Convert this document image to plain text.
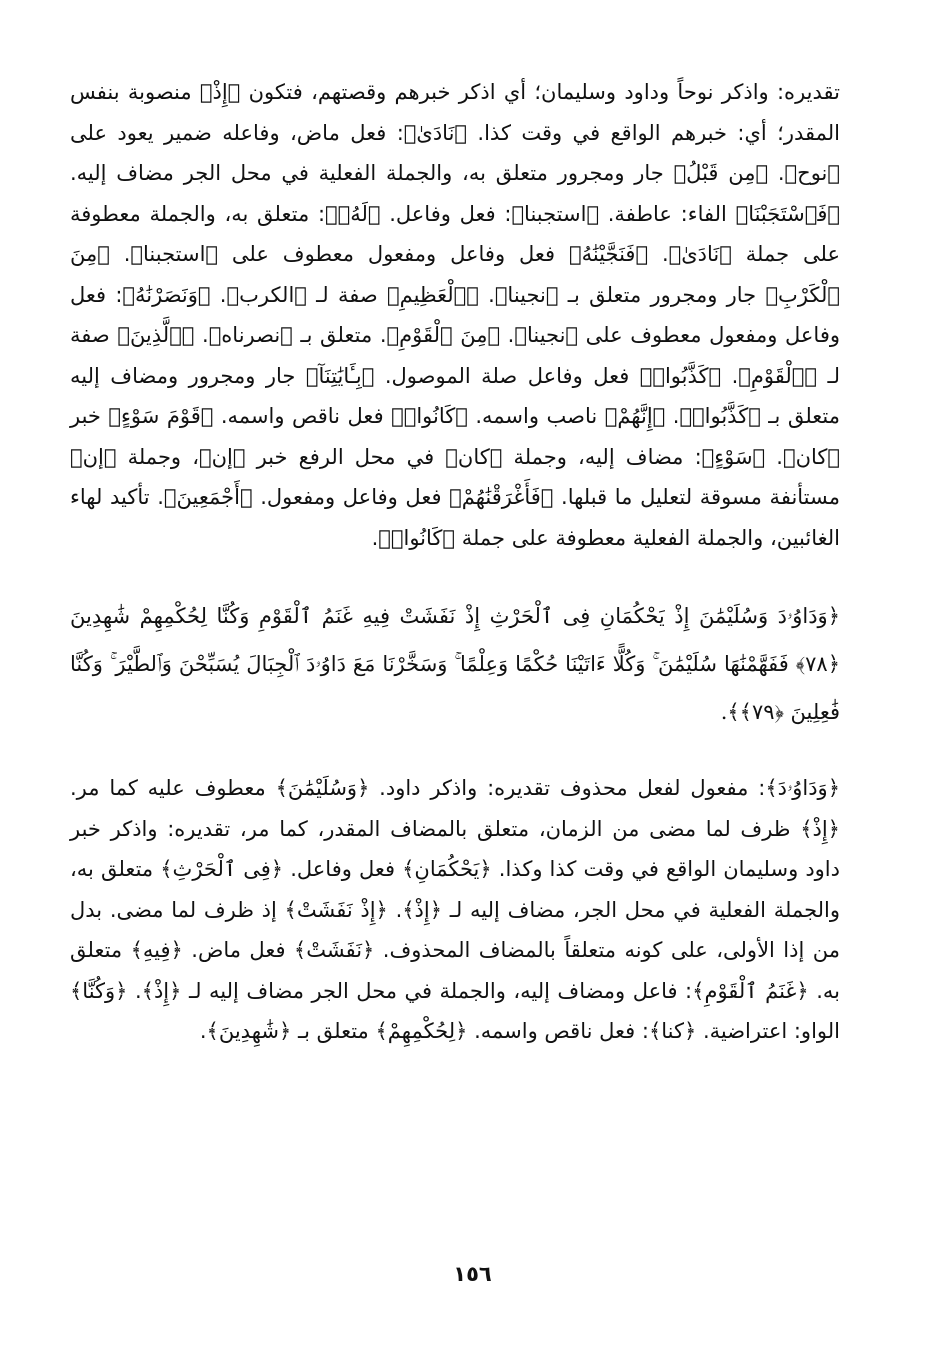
تقديره: واذكر نوحاً وداود وسليمان؛ أي اذكر خبرهم وقصتهم، فتكون ﴿إِذْ﴾ منصوبة بنفس المقدر؛ أي: خبرهم الواقع في وقت كذا. ﴿نَادَىٰ﴾: فعل ماض، وفاعله ضمير يعود على ﴿نوح﴾. ﴿مِن قَبْلُ﴾ جار ومجرور متعلق به، والجملة الفعلية في محل الجر مضاف إليه. ﴿فَٱسْتَجَبْنَا﴾ الفاء: عاطفة. ﴿استجبنا﴾: فعل وفاعل. ﴿لَهُۥ﴾: متعلق به، والجملة معطوفة على جملة ﴿نَادَىٰ﴾. ﴿فَنَجَّيْنَٰهُ﴾ فعل وفاعل ومفعول معطوف على ﴿استجبنا﴾. ﴿مِنَ ٱلْكَرْبِ﴾ جار ومجرور متعلق بـ ﴿نجينا﴾. ﴿ٱلْعَظِيمِ﴾ صفة لـ ﴿الكرب﴾. ﴿وَنَصَرْنَٰهُ﴾: فعل وفاعل ومفعول معطوف على ﴿نجينا﴾. ﴿مِنَ ٱلْقَوْمِ﴾. متعلق بـ ﴿نصرناه﴾. ﴿ٱلَّذِينَ﴾ صفة لـ ﴿ٱلْقَوْمِ﴾. ﴿كَذَّبُوا۟﴾ فعل وفاعل صلة الموصول. ﴿بِـَٔايَٰتِنَآ﴾ جار ومجرور ومضاف إليه متعلق بـ ﴿كَذَّبُوا۟﴾. ﴿إِنَّهُمْ﴾ ناصب واسمه. ﴿كَانُوا۟﴾ فعل ناقص واسمه. ﴿قَوْمَ سَوْءٍ﴾ خبر ﴿كان﴾. ﴿سَوْءٍ﴾: مضاف إليه، وجملة ﴿كان﴾ في محل الرفع خبر ﴿إن﴾، وجملة ﴿إن﴾ مستأنفة مسوقة لتعليل ما قبلها. ﴿فَأَغْرَقْنَٰهُمْ﴾ فعل وفاعل ومفعول. ﴿أَجْمَعِينَ﴾. تأكيد لهاء الغائبين، والجملة الفعلية معطوفة على جملة ﴿كَانُوا۟﴾.

﴿وَدَاوُۥدَ وَسُلَيْمَٰنَ إِذْ يَحْكُمَانِ فِى ٱلْحَرْثِ إِذْ نَفَشَتْ فِيهِ غَنَمُ ٱلْقَوْمِ وَكُنَّا لِحُكْمِهِمْ شَٰهِدِينَ ﴿٧٨﴾ فَفَهَّمْنَٰهَا سُلَيْمَٰنَ ۚ وَكُلًّا ءَاتَيْنَا حُكْمًا وَعِلْمًا ۚ وَسَخَّرْنَا مَعَ دَاوُۥدَ ٱلْجِبَالَ يُسَبِّحْنَ وَٱلطَّيْرَ ۚ وَكُنَّا فَٰعِلِينَ ﴿٧٩﴾﴾.

﴿وَدَاوُۥدَ﴾: مفعول لفعل محذوف تقديره: واذكر داود. ﴿وَسُلَيْمَٰنَ﴾ معطوف عليه كما مر. ﴿إِذْ﴾ ظرف لما مضى من الزمان، متعلق بالمضاف المقدر، كما مر، تقديره: واذكر خبر داود وسليمان الواقع في وقت كذا وكذا. ﴿يَحْكُمَانِ﴾ فعل وفاعل. ﴿فِى ٱلْحَرْثِ﴾ متعلق به، والجملة الفعلية في محل الجر، مضاف إليه لـ ﴿إِذْ﴾. ﴿إِذْ نَفَشَتْ﴾ إذ ظرف لما مضى. بدل من إذا الأولى، على كونه متعلقاً بالمضاف المحذوف. ﴿نَفَشَتْ﴾ فعل ماض. ﴿فِيهِ﴾ متعلق به. ﴿غَنَمُ ٱلْقَوْمِ﴾: فاعل ومضاف إليه، والجملة في محل الجر مضاف إليه لـ ﴿إِذْ﴾. ﴿وَكُنَّا﴾ الواو: اعتراضية. ﴿كنا﴾: فعل ناقص واسمه. ﴿لِحُكْمِهِمْ﴾ متعلق بـ ﴿شَٰهِدِينَ﴾.

١٥٦
